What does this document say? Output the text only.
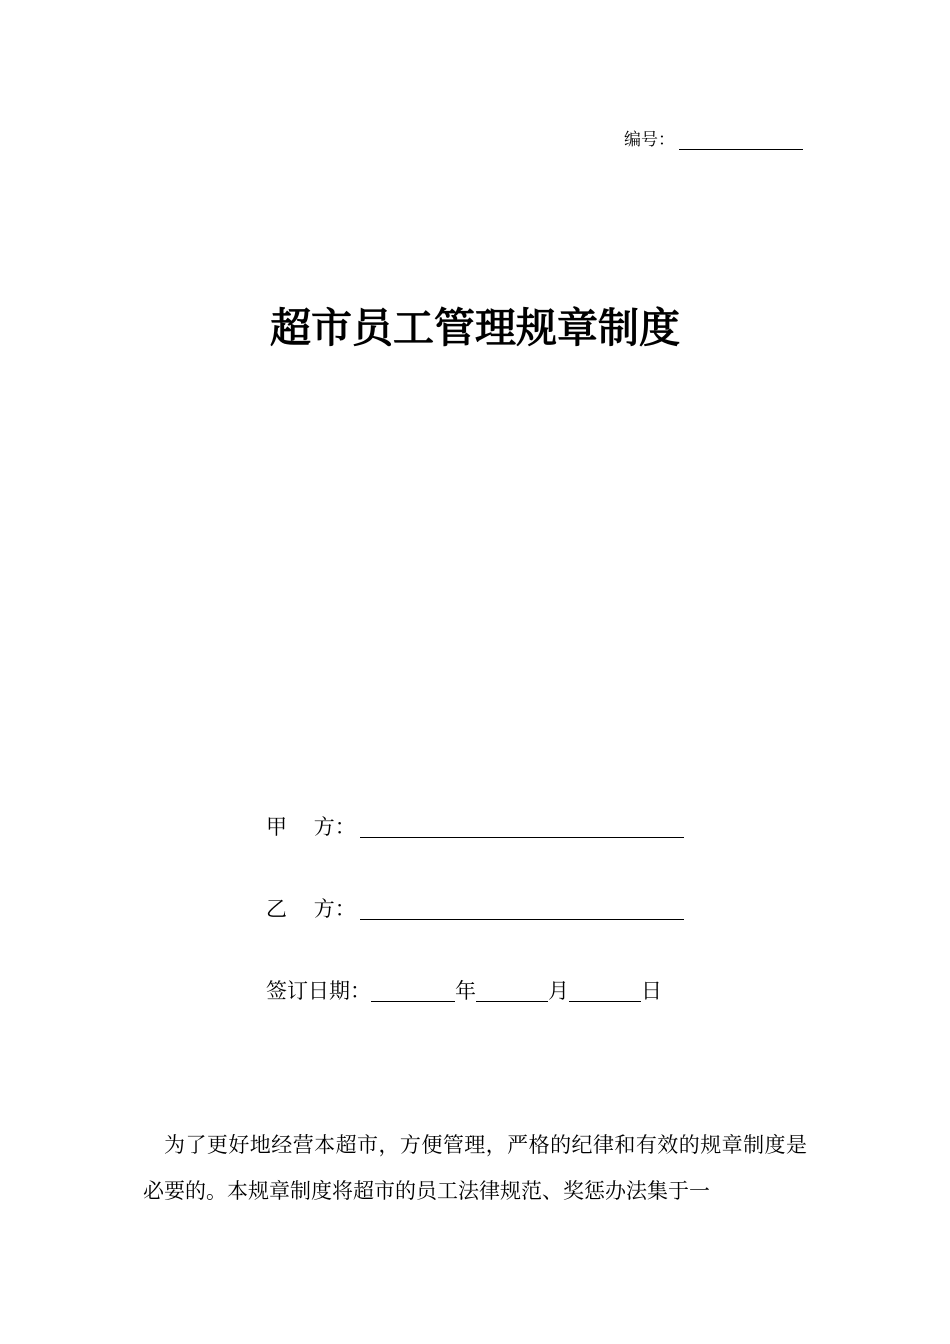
编号：
超市员工管理规章制度
甲    方：
乙    方：
签订日期：	年	月	日
为了更好地经营本超市，方便管理，严格的纪律和有效的规章制度是必要的。本规章制度将超市的员工法律规范、奖惩办法集于一
